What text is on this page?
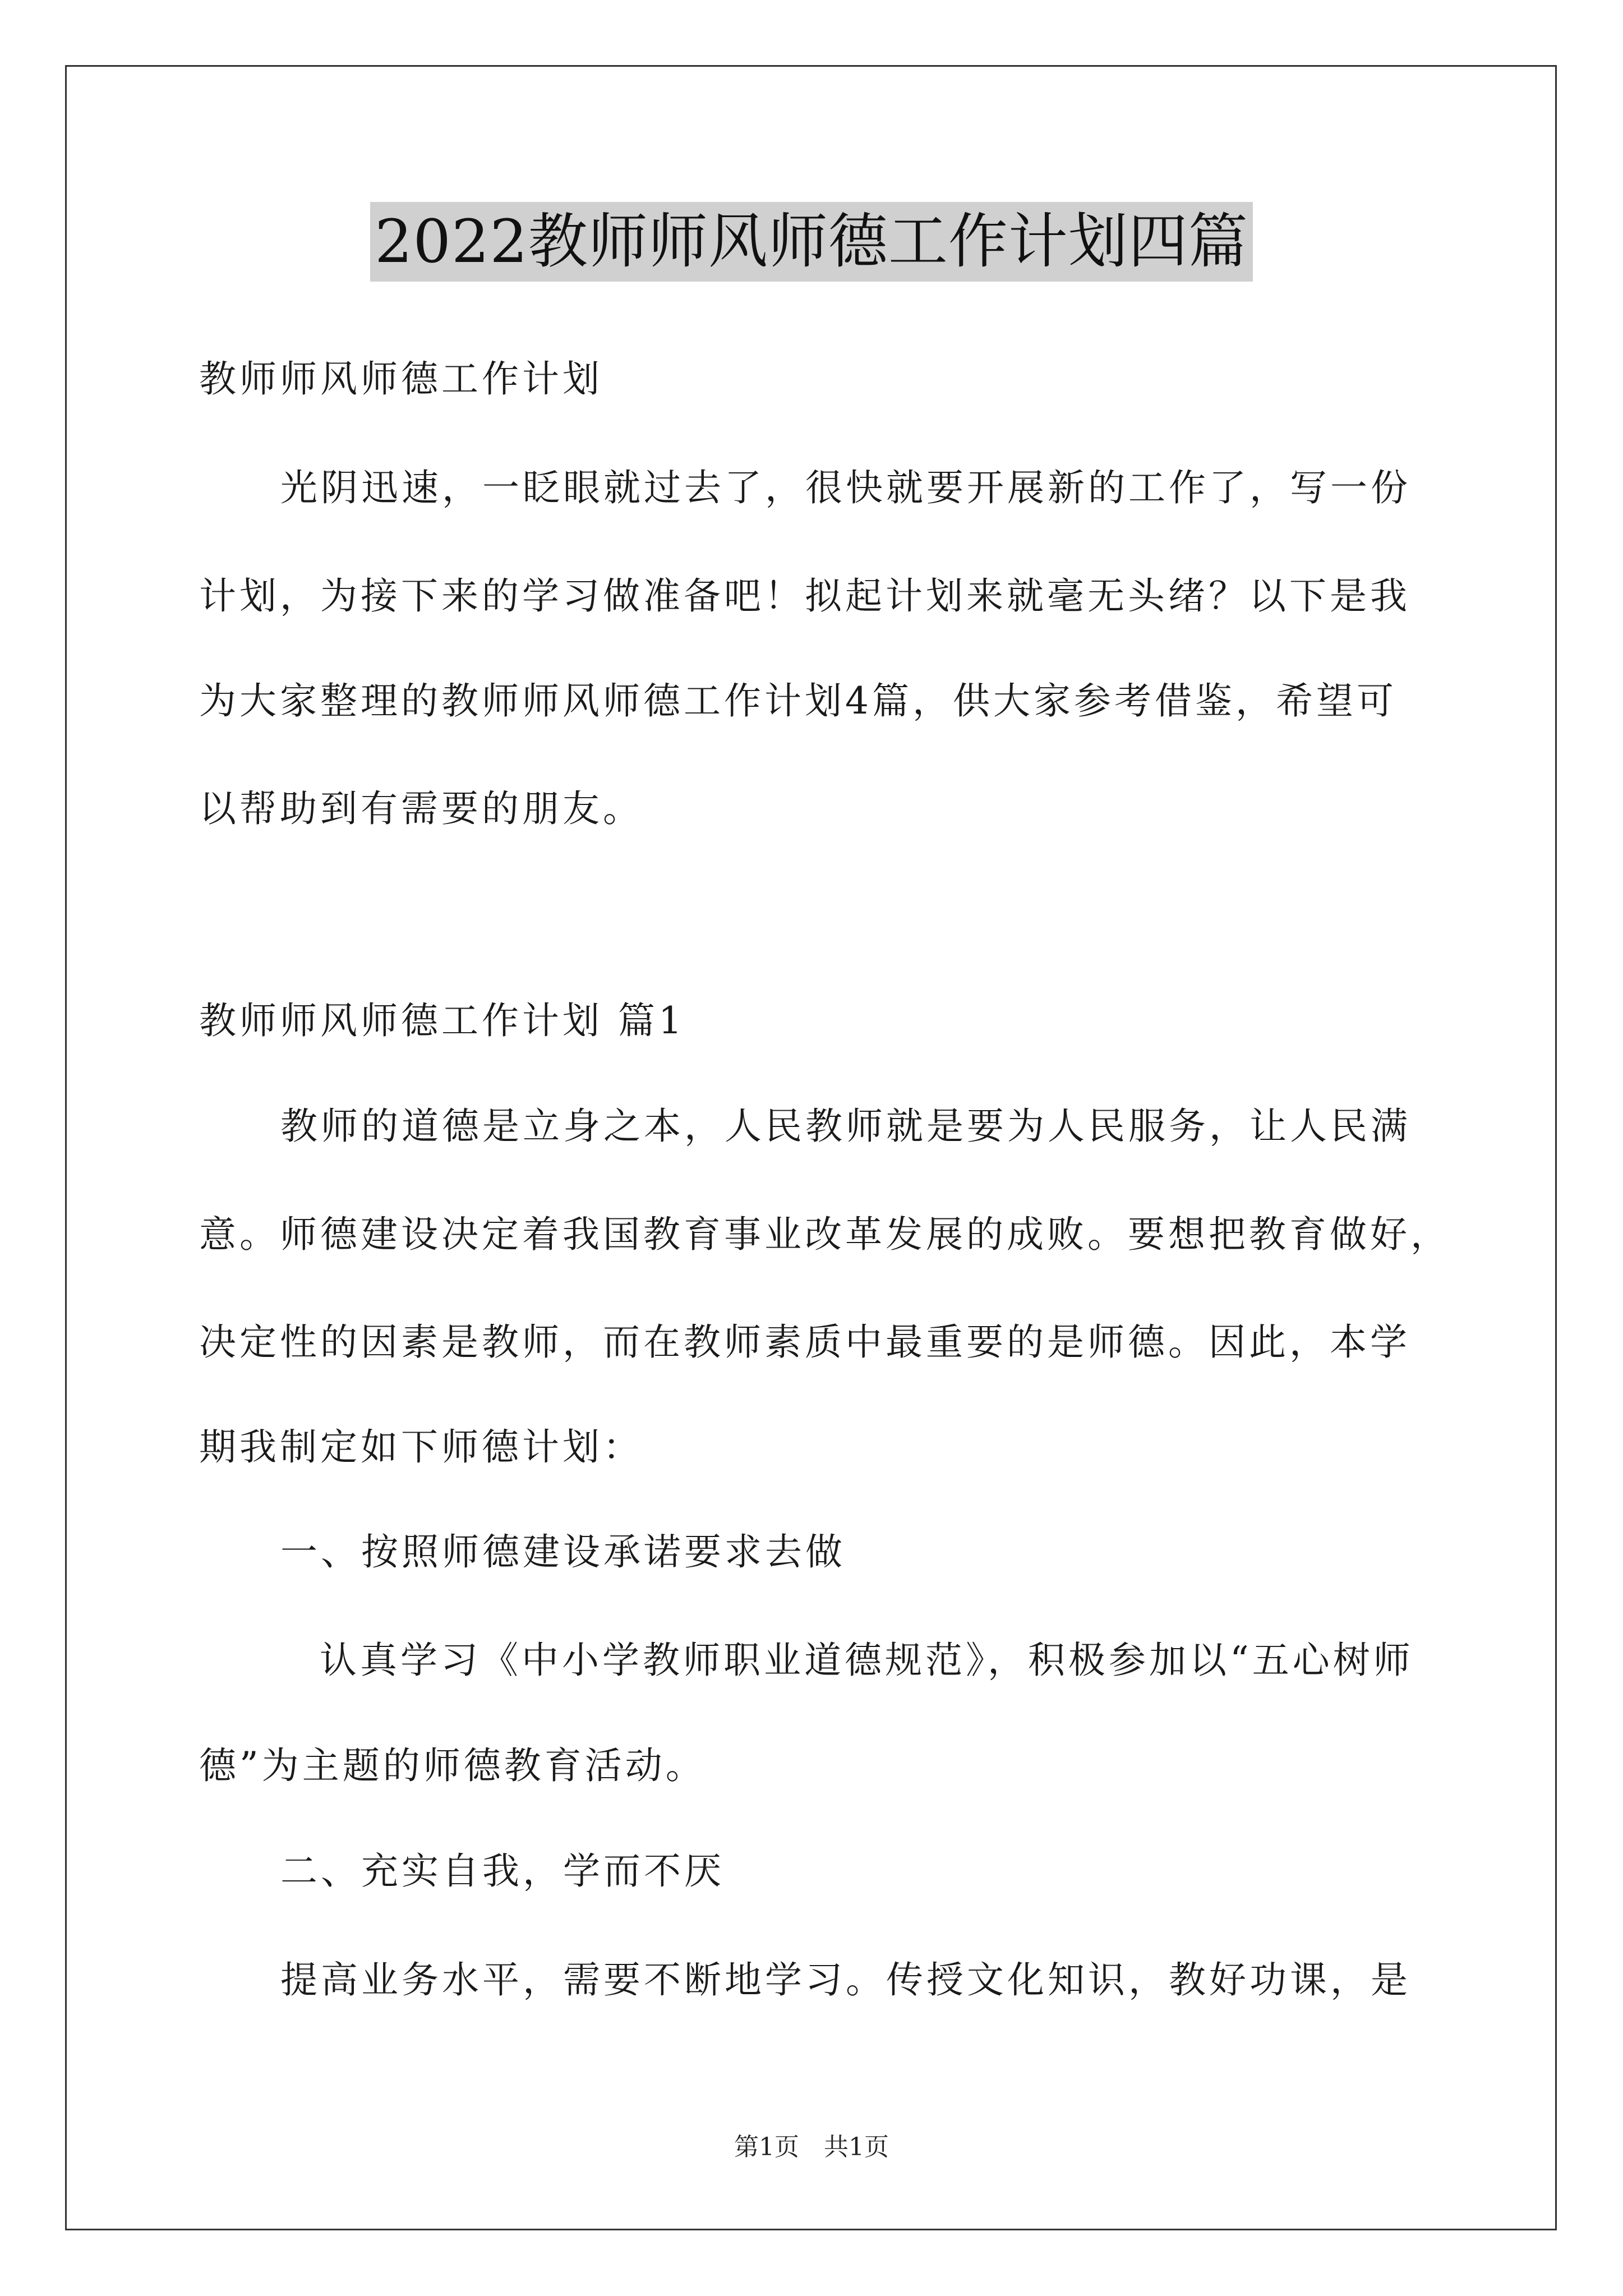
2022教师师风师德工作计划四篇
教师师风师德工作计划
光阴迅速，一眨眼就过去了，很快就要开展新的工作了，写一份
计划，为接下来的学习做准备吧！拟起计划来就毫无头绪？以下是我
为大家整理的教师师风师德工作计划4篇，供大家参考借鉴，希望可
以帮助到有需要的朋友。
教师师风师德工作计划 篇1
教师的道德是立身之本，人民教师就是要为人民服务，让人民满
意。师德建设决定着我国教育事业改革发展的成败。要想把教育做好，
决定性的因素是教师，而在教师素质中最重要的是师德。因此，本学
期我制定如下师德计划：
一、按照师德建设承诺要求去做
认真学习《中小学教师职业道德规范》，积极参加以“五心树师
德”为主题的师德教育活动。
二、充实自我，学而不厌
提高业务水平，需要不断地学习。传授文化知识，教好功课，是
第1页　共1页
